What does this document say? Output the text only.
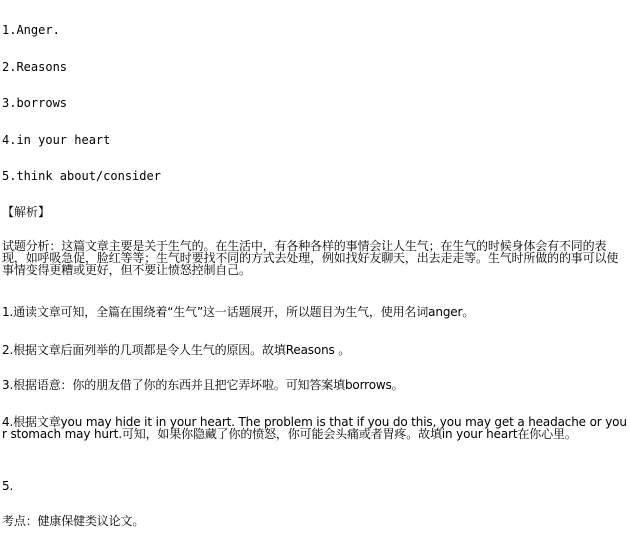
1.Anger.

2.Reasons

3.borrows

4.in your heart

5.think about/consider

【解析】

试题分析：这篇文章主要是关于生气的。在生活中，有各种各样的事情会让人生气；在生气的时候身体会有不同的表现，如呼吸急促，脸红等等；生气时要找不同的方式去处理，例如找好友聊天，出去走走等。生气时所做的的事可以使事情变得更糟或更好，但不要让愤怒控制自己。

1.通读文章可知，全篇在围绕着“生气”这一话题展开，所以题目为生气，使用名词anger。

2.根据文章后面列举的几项都是令人生气的原因。故填Reasons 。

3.根据语意：你的朋友借了你的东西并且把它弄坏啦。可知答案填borrows。

4.根据文章you may hide it in your heart. The problem is that if you do this, you may get a headache or your stomach may hurt.可知，如果你隐藏了你的愤怒，你可能会头痛或者胃疼。故填in your heart在你心里。

5.

考点：健康保健类议论文。
